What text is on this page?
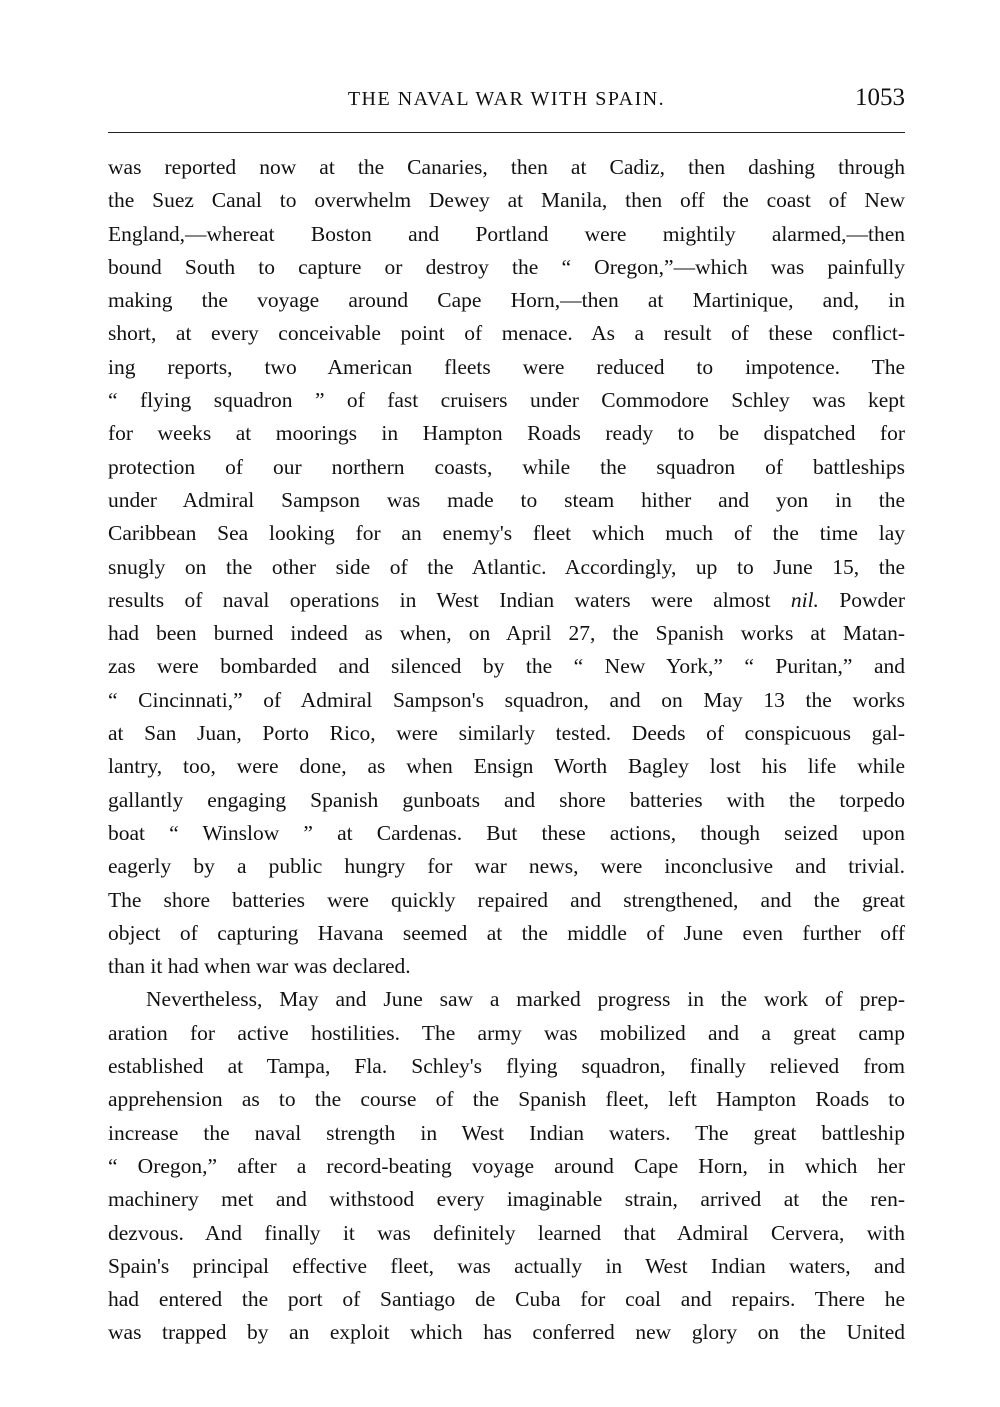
THE NAVAL WAR WITH SPAIN.	1053
was reported now at the Canaries, then at Cadiz, then dashing through
the Suez Canal to overwhelm Dewey at Manila, then off the coast of New
England,—whereat Boston and Portland were mightily alarmed,—then
bound South to capture or destroy the “ Oregon,”—which was painfully
making the voyage around Cape Horn,—then at Martinique, and, in
short, at every conceivable point of menace. As a result of these conflict-
ing reports, two American fleets were reduced to impotence. The
“ flying squadron ” of fast cruisers under Commodore Schley was kept
for weeks at moorings in Hampton Roads ready to be dispatched for
protection of our northern coasts, while the squadron of battleships
under Admiral Sampson was made to steam hither and yon in the
Caribbean Sea looking for an enemy's fleet which much of the time lay
snugly on the other side of the Atlantic. Accordingly, up to June 15, the
results of naval operations in West Indian waters were almost nil. Powder
had been burned indeed as when, on April 27, the Spanish works at Matan-
zas were bombarded and silenced by the “ New York,” “ Puritan,” and
“ Cincinnati,” of Admiral Sampson's squadron, and on May 13 the works
at San Juan, Porto Rico, were similarly tested. Deeds of conspicuous gal-
lantry, too, were done, as when Ensign Worth Bagley lost his life while
gallantly engaging Spanish gunboats and shore batteries with the torpedo
boat “ Winslow ” at Cardenas. But these actions, though seized upon
eagerly by a public hungry for war news, were inconclusive and trivial.
The shore batteries were quickly repaired and strengthened, and the great
object of capturing Havana seemed at the middle of June even further off
than it had when war was declared.
Nevertheless, May and June saw a marked progress in the work of prep-
aration for active hostilities. The army was mobilized and a great camp
established at Tampa, Fla. Schley's flying squadron, finally relieved from
apprehension as to the course of the Spanish fleet, left Hampton Roads to
increase the naval strength in West Indian waters. The great battleship
“ Oregon,” after a record-beating voyage around Cape Horn, in which her
machinery met and withstood every imaginable strain, arrived at the ren-
dezvous. And finally it was definitely learned that Admiral Cervera, with
Spain's principal effective fleet, was actually in West Indian waters, and
had entered the port of Santiago de Cuba for coal and repairs. There he
was trapped by an exploit which has conferred new glory on the United
